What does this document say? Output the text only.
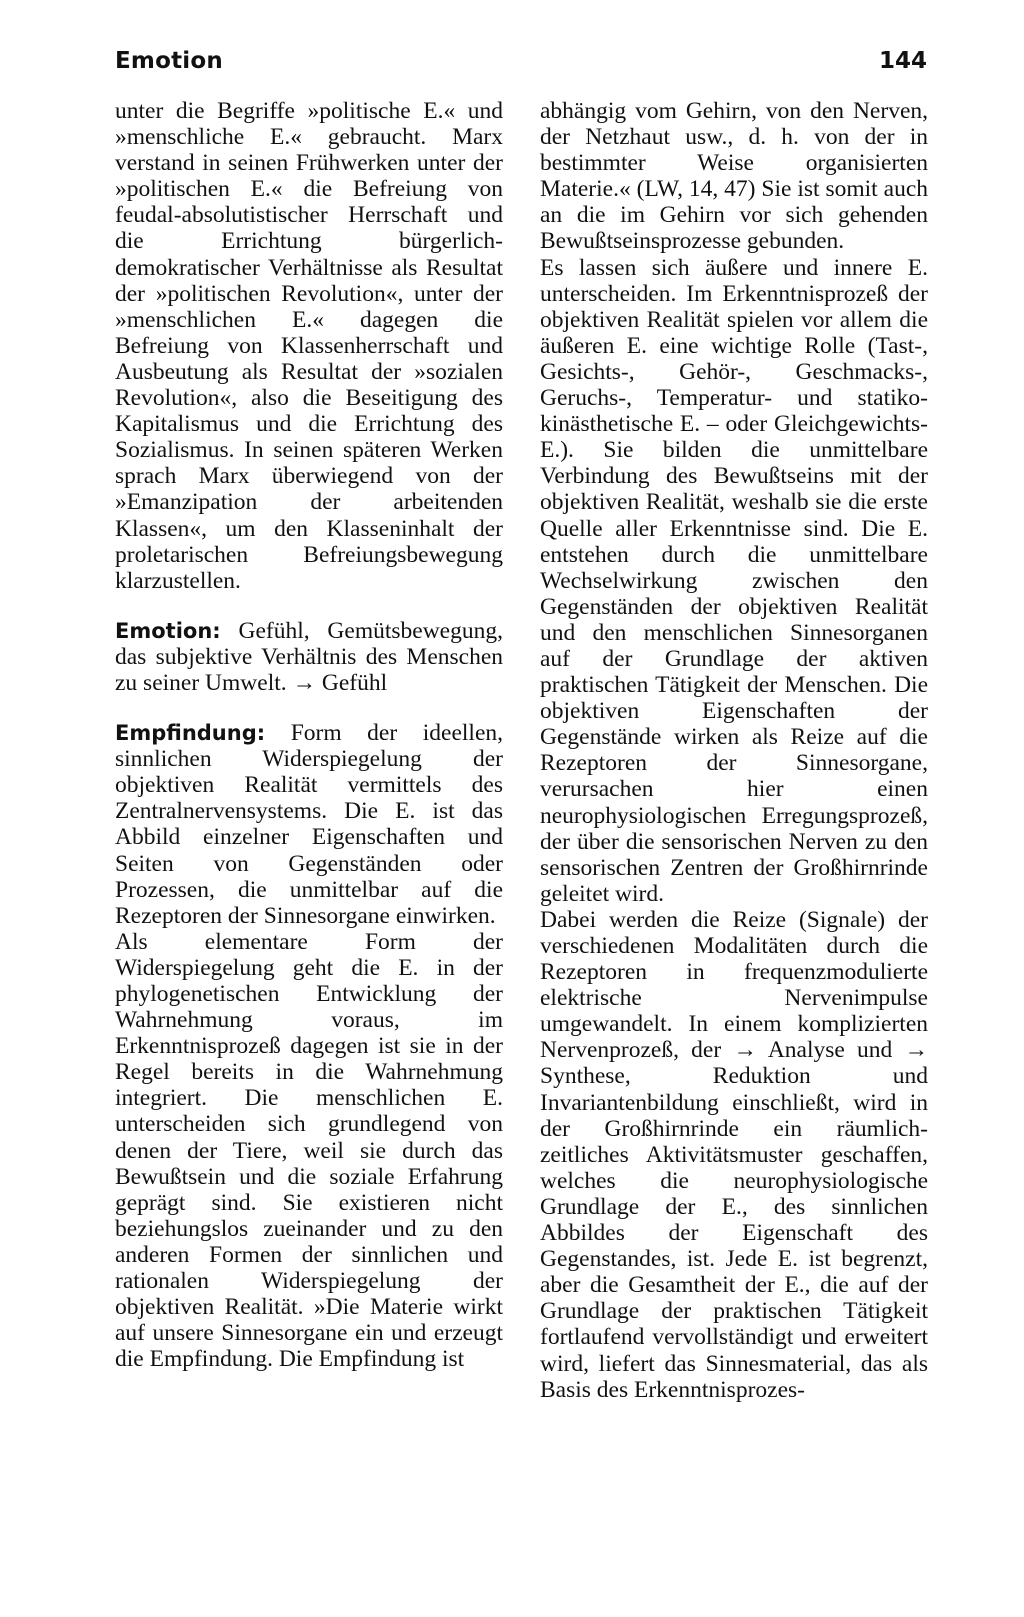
Emotion	144

unter die Begriffe »politische E.« und »menschliche E.« gebraucht. Marx verstand in seinen Frühwerken unter der »politischen E.« die Befreiung von feudal-absolutistischer Herrschaft und die Errichtung bürgerlich-demokratischer Verhältnisse als Resultat der »politischen Revolution«, unter der »menschlichen E.« dagegen die Befreiung von Klassenherrschaft und Ausbeutung als Resultat der »sozialen Revolution«, also die Beseitigung des Kapitalismus und die Errichtung des Sozialismus. In seinen späteren Werken sprach Marx überwiegend von der »Emanzipation der arbeitenden Klassen«, um den Klasseninhalt der proletarischen Befreiungsbewegung klarzustellen.

Emotion: Gefühl, Gemütsbewegung, das subjektive Verhältnis des Menschen zu seiner Umwelt. → Gefühl

Empfindung: Form der ideellen, sinnlichen Widerspiegelung der objektiven Realität vermittels des Zentralnervensystems. Die E. ist das Abbild einzelner Eigenschaften und Seiten von Gegenständen oder Prozessen, die unmittelbar auf die Rezeptoren der Sinnesorgane einwirken.

Als elementare Form der Widerspiegelung geht die E. in der phylogenetischen Entwicklung der Wahrnehmung voraus, im Erkenntnisprozeß dagegen ist sie in der Regel bereits in die Wahrnehmung integriert. Die menschlichen E. unterscheiden sich grundlegend von denen der Tiere, weil sie durch das Bewußtsein und die soziale Erfahrung geprägt sind. Sie existieren nicht beziehungslos zueinander und zu den anderen Formen der sinnlichen und rationalen Widerspiegelung der objektiven Realität. »Die Materie wirkt auf unsere Sinnesorgane ein und erzeugt die Empfindung. Die Empfindung ist

abhängig vom Gehirn, von den Nerven, der Netzhaut usw., d. h. von der in bestimmter Weise organisierten Materie.« (LW, 14, 47) Sie ist somit auch an die im Gehirn vor sich gehenden Bewußtseinsprozesse gebunden.

Es lassen sich äußere und innere E. unterscheiden. Im Erkenntnisprozeß der objektiven Realität spielen vor allem die äußeren E. eine wichtige Rolle (Tast-, Gesichts-, Gehör-, Geschmacks-, Geruchs-, Temperatur- und statiko-kinästhetische E. – oder Gleichgewichts-E.). Sie bilden die unmittelbare Verbindung des Bewußtseins mit der objektiven Realität, weshalb sie die erste Quelle aller Erkenntnisse sind. Die E. entstehen durch die unmittelbare Wechselwirkung zwischen den Gegenständen der objektiven Realität und den menschlichen Sinnesorganen auf der Grundlage der aktiven praktischen Tätigkeit der Menschen. Die objektiven Eigenschaften der Gegenstände wirken als Reize auf die Rezeptoren der Sinnesorgane, verursachen hier einen neurophysiologischen Erregungsprozeß, der über die sensorischen Nerven zu den sensorischen Zentren der Großhirnrinde geleitet wird.

Dabei werden die Reize (Signale) der verschiedenen Modalitäten durch die Rezeptoren in frequenzmodulierte elektrische Nervenimpulse umgewandelt. In einem komplizierten Nervenprozeß, der → Analyse und → Synthese, Reduktion und Invariantenbildung einschließt, wird in der Großhirnrinde ein räumlich-zeitliches Aktivitätsmuster geschaffen, welches die neurophysiologische Grundlage der E., des sinnlichen Abbildes der Eigenschaft des Gegenstandes, ist. Jede E. ist begrenzt, aber die Gesamtheit der E., die auf der Grundlage der praktischen Tätigkeit fortlaufend vervollständigt und erweitert wird, liefert das Sinnesmaterial, das als Basis des Erkenntnisprozes-
